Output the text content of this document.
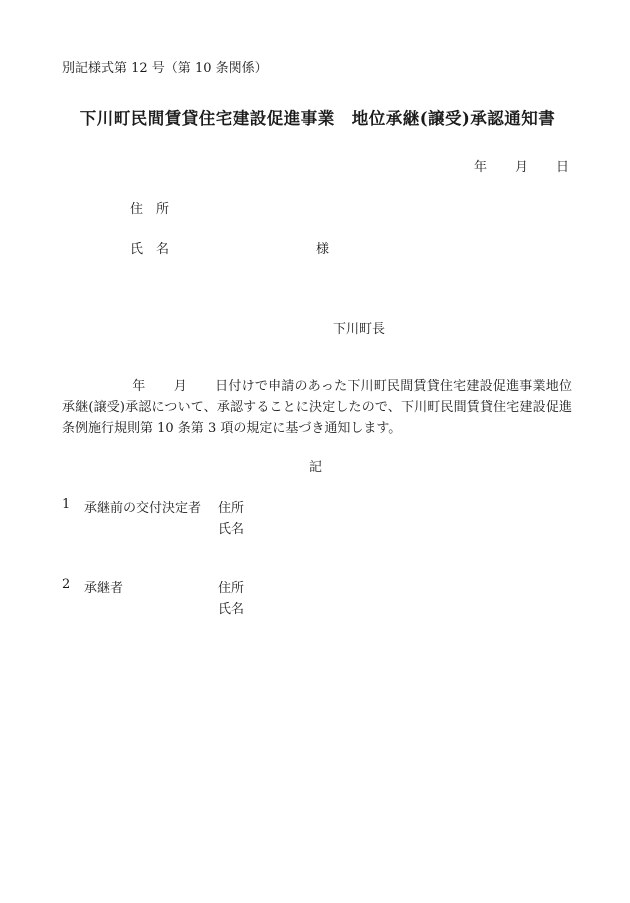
別記様式第 12 号（第 10 条関係）
下川町民間賃貸住宅建設促進事業　地位承継(譲受)承認通知書
年 月 日
住　所
氏　名	様
下川町長
年 月 日付けで申請のあった下川町民間賃貸住宅建設促進事業地位承継(譲受)承認について、承認することに決定したので、下川町民間賃貸住宅建設促進条例施行規則第 10 条第 3 項の規定に基づき通知します。
記
1 承継前の交付決定者 住所
氏名
2 承継者	住所
氏名
